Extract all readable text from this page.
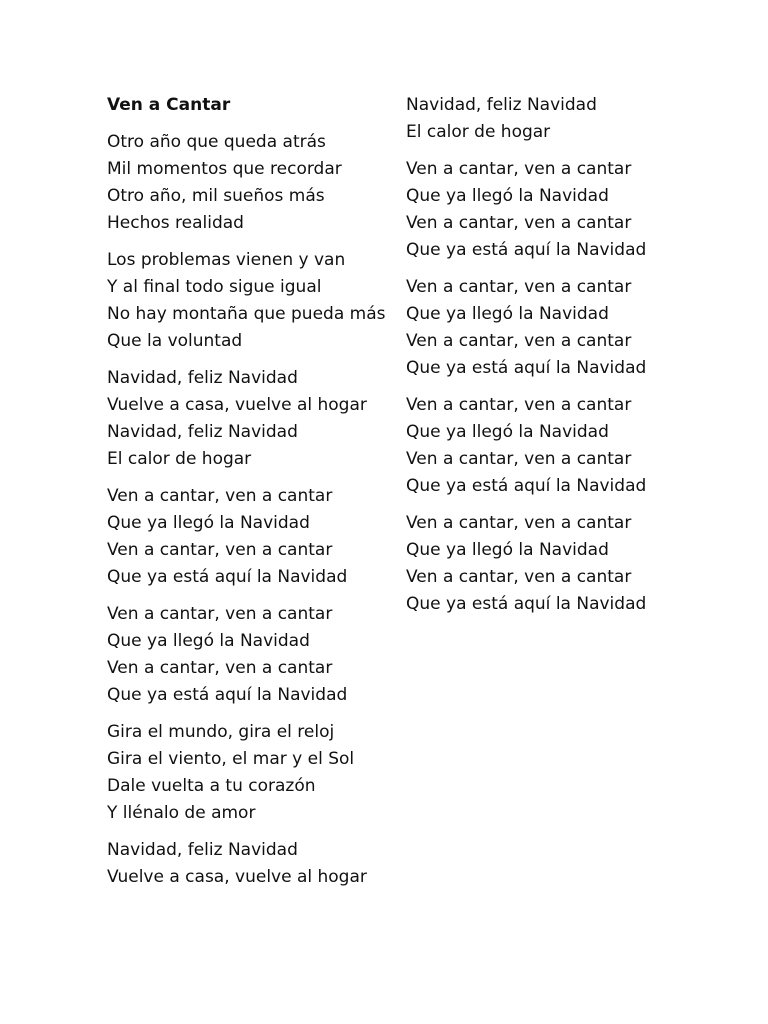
Ven a Cantar
Otro año que queda atrás
Mil momentos que recordar
Otro año, mil sueños más
Hechos realidad
Los problemas vienen y van
Y al final todo sigue igual
No hay montaña que pueda más
Que la voluntad
Navidad, feliz Navidad
Vuelve a casa, vuelve al hogar
Navidad, feliz Navidad
El calor de hogar
Ven a cantar, ven a cantar
Que ya llegó la Navidad
Ven a cantar, ven a cantar
Que ya está aquí la Navidad
Ven a cantar, ven a cantar
Que ya llegó la Navidad
Ven a cantar, ven a cantar
Que ya está aquí la Navidad
Gira el mundo, gira el reloj
Gira el viento, el mar y el Sol
Dale vuelta a tu corazón
Y llénalo de amor
Navidad, feliz Navidad
Vuelve a casa, vuelve al hogar
Navidad, feliz Navidad
El calor de hogar
Ven a cantar, ven a cantar
Que ya llegó la Navidad
Ven a cantar, ven a cantar
Que ya está aquí la Navidad
Ven a cantar, ven a cantar
Que ya llegó la Navidad
Ven a cantar, ven a cantar
Que ya está aquí la Navidad
Ven a cantar, ven a cantar
Que ya llegó la Navidad
Ven a cantar, ven a cantar
Que ya está aquí la Navidad
Ven a cantar, ven a cantar
Que ya llegó la Navidad
Ven a cantar, ven a cantar
Que ya está aquí la Navidad
